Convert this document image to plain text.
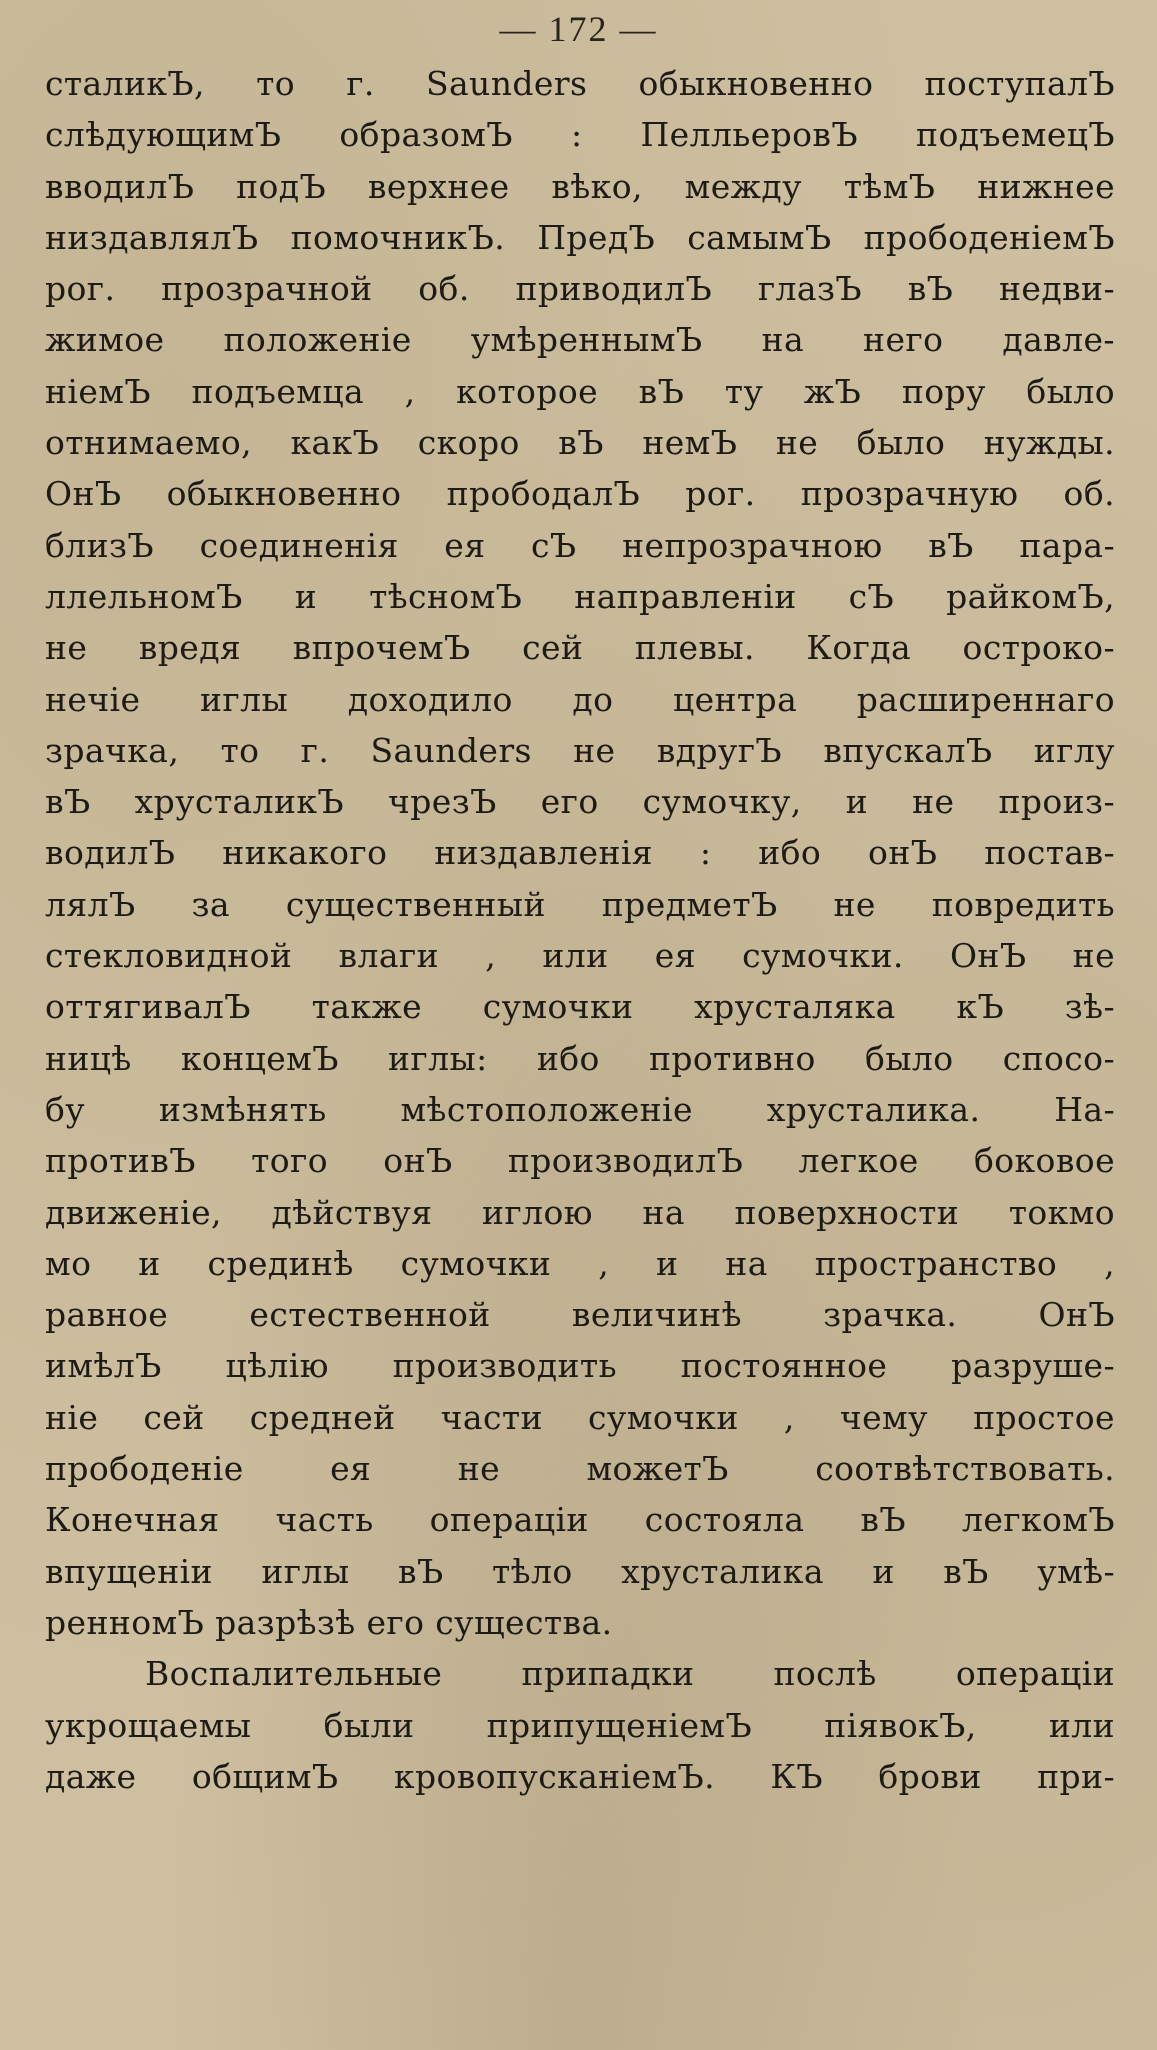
— 172 —
сталикЪ, то г. Saunders обыкновенно поступалЪ
слѣдующимЪ образомЪ : ПелльеровЪ подъемецЪ
вводилЪ подЪ верхнее вѣко, между тѣмЪ нижнее
низдавлялЪ помочникЪ. ПредЪ самымЪ прободеніемЪ
рог. прозрачной об. приводилЪ глазЪ вЪ недви-
жимое положеніе умѣреннымЪ на него давле-
ніемЪ подъемца , которое вЪ ту жЪ пору было
отнимаемо, какЪ скоро вЪ немЪ не было нужды.
ОнЪ обыкновенно прободалЪ рог. прозрачную об.
близЪ соединенія ея сЪ непрозрачною вЪ пара-
ллельномЪ и тѣсномЪ направленіи сЪ райкомЪ,
не вредя впрочемЪ сей плевы. Когда остроко-
нечіе иглы доходило до центра расширеннаго
зрачка, то г. Saunders не вдругЪ впускалЪ иглу
вЪ хрусталикЪ чрезЪ его сумочку, и не произ-
водилЪ никакого низдавленія : ибо онЪ постав-
лялЪ за существенный предметЪ не повредить
стекловидной влаги , или ея сумочки. ОнЪ не
оттягивалЪ также сумочки хрусталяка кЪ зѣ-
ницѣ концемЪ иглы: ибо противно было спосо-
бу измѣнять мѣстоположеніе хрусталика. На-
противЪ того онЪ производилЪ легкое боковое
движеніе, дѣйствуя иглою на поверхности токмо
мо и срединѣ сумочки , и на пространство ,
равное естественной величинѣ зрачка. ОнЪ
имѣлЪ цѣлію производить постоянное разруше-
ніе сей средней части сумочки , чему простое
прободеніе ея не можетЪ соотвѣтствовать.
Конечная часть операціи состояла вЪ легкомЪ
впущеніи иглы вЪ тѣло хрусталика и вЪ умѣ-
ренномЪ разрѣзѣ его существа.
Воспалительные припадки послѣ операціи
укрощаемы были припущеніемЪ піявокЪ, или
даже общимЪ кровопусканіемЪ. КЪ брови при-
